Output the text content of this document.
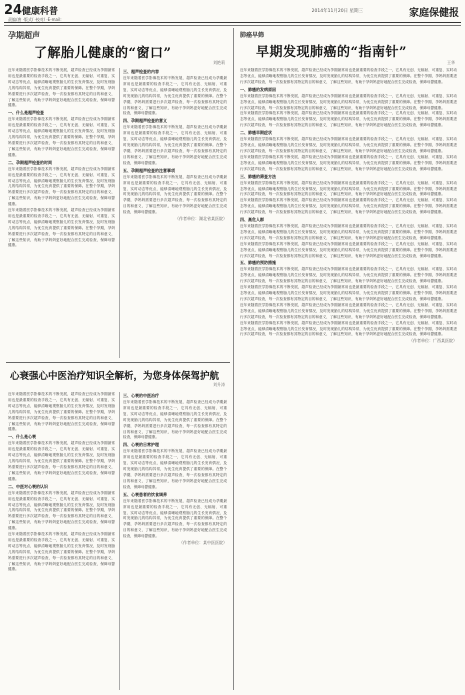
24 健康科普
责编/唐 ·版式/ ·校对/ ·E-mail:
2014年11月20日 星期三	家庭保健报
孕期超声
了解胎儿健康的“窗口”
刘艳莉
近年来随着医学影像技术的不断发展，超声检查已经成为孕期最常用也是最重要的检查手段之一，它具有无创、无辐射、可重复、实时动态等优点，能够清晰地观察胎儿的生长发育情况，及时发现胎儿的结构异常，为优生优育提供了重要的保障。在整个孕期，孕妈妈需要进行多次超声检查，每一次检查都有其特定的目的和意义，了解这些知识，有助于孕妈妈更好地配合医生完成检查，保障母婴健康。
一、什么是超声检查
近年来随着医学影像技术的不断发展，超声检查已经成为孕期最常用也是最重要的检查手段之一，它具有无创、无辐射、可重复、实时动态等优点，能够清晰地观察胎儿的生长发育情况，及时发现胎儿的结构异常，为优生优育提供了重要的保障。在整个孕期，孕妈妈需要进行多次超声检查，每一次检查都有其特定的目的和意义，了解这些知识，有助于孕妈妈更好地配合医生完成检查，保障母婴健康。
二、孕期超声检查的时间
近年来随着医学影像技术的不断发展，超声检查已经成为孕期最常用也是最重要的检查手段之一，它具有无创、无辐射、可重复、实时动态等优点，能够清晰地观察胎儿的生长发育情况，及时发现胎儿的结构异常，为优生优育提供了重要的保障。在整个孕期，孕妈妈需要进行多次超声检查，每一次检查都有其特定的目的和意义，了解这些知识，有助于孕妈妈更好地配合医生完成检查，保障母婴健康。
近年来随着医学影像技术的不断发展，超声检查已经成为孕期最常用也是最重要的检查手段之一，它具有无创、无辐射、可重复、实时动态等优点，能够清晰地观察胎儿的生长发育情况，及时发现胎儿的结构异常，为优生优育提供了重要的保障。在整个孕期，孕妈妈需要进行多次超声检查，每一次检查都有其特定的目的和意义，了解这些知识，有助于孕妈妈更好地配合医生完成检查，保障母婴健康。
三、超声检查的内容
近年来随着医学影像技术的不断发展，超声检查已经成为孕期最常用也是最重要的检查手段之一，它具有无创、无辐射、可重复、实时动态等优点，能够清晰地观察胎儿的生长发育情况，及时发现胎儿的结构异常，为优生优育提供了重要的保障。在整个孕期，孕妈妈需要进行多次超声检查，每一次检查都有其特定的目的和意义，了解这些知识，有助于孕妈妈更好地配合医生完成检查，保障母婴健康。
四、孕期超声检查的意义
近年来随着医学影像技术的不断发展，超声检查已经成为孕期最常用也是最重要的检查手段之一，它具有无创、无辐射、可重复、实时动态等优点，能够清晰地观察胎儿的生长发育情况，及时发现胎儿的结构异常，为优生优育提供了重要的保障。在整个孕期，孕妈妈需要进行多次超声检查，每一次检查都有其特定的目的和意义，了解这些知识，有助于孕妈妈更好地配合医生完成检查，保障母婴健康。
五、孕期超声检查的注意事项
近年来随着医学影像技术的不断发展，超声检查已经成为孕期最常用也是最重要的检查手段之一，它具有无创、无辐射、可重复、实时动态等优点，能够清晰地观察胎儿的生长发育情况，及时发现胎儿的结构异常，为优生优育提供了重要的保障。在整个孕期，孕妈妈需要进行多次超声检查，每一次检查都有其特定的目的和意义，了解这些知识，有助于孕妈妈更好地配合医生完成检查，保障母婴健康。
（作者单位：湖北省某医院）
心衰强心中医治疗知识全解析，为您身体保驾护航
刘升涛
近年来随着医学影像技术的不断发展，超声检查已经成为孕期最常用也是最重要的检查手段之一，它具有无创、无辐射、可重复、实时动态等优点，能够清晰地观察胎儿的生长发育情况，及时发现胎儿的结构异常，为优生优育提供了重要的保障。在整个孕期，孕妈妈需要进行多次超声检查，每一次检查都有其特定的目的和意义，了解这些知识，有助于孕妈妈更好地配合医生完成检查，保障母婴健康。
一、什么是心衰
近年来随着医学影像技术的不断发展，超声检查已经成为孕期最常用也是最重要的检查手段之一，它具有无创、无辐射、可重复、实时动态等优点，能够清晰地观察胎儿的生长发育情况，及时发现胎儿的结构异常，为优生优育提供了重要的保障。在整个孕期，孕妈妈需要进行多次超声检查，每一次检查都有其特定的目的和意义，了解这些知识，有助于孕妈妈更好地配合医生完成检查，保障母婴健康。
二、中医对心衰的认识
近年来随着医学影像技术的不断发展，超声检查已经成为孕期最常用也是最重要的检查手段之一，它具有无创、无辐射、可重复、实时动态等优点，能够清晰地观察胎儿的生长发育情况，及时发现胎儿的结构异常，为优生优育提供了重要的保障。在整个孕期，孕妈妈需要进行多次超声检查，每一次检查都有其特定的目的和意义，了解这些知识，有助于孕妈妈更好地配合医生完成检查，保障母婴健康。
近年来随着医学影像技术的不断发展，超声检查已经成为孕期最常用也是最重要的检查手段之一，它具有无创、无辐射、可重复、实时动态等优点，能够清晰地观察胎儿的生长发育情况，及时发现胎儿的结构异常，为优生优育提供了重要的保障。在整个孕期，孕妈妈需要进行多次超声检查，每一次检查都有其特定的目的和意义，了解这些知识，有助于孕妈妈更好地配合医生完成检查，保障母婴健康。
三、心衰的中医治疗
近年来随着医学影像技术的不断发展，超声检查已经成为孕期最常用也是最重要的检查手段之一，它具有无创、无辐射、可重复、实时动态等优点，能够清晰地观察胎儿的生长发育情况，及时发现胎儿的结构异常，为优生优育提供了重要的保障。在整个孕期，孕妈妈需要进行多次超声检查，每一次检查都有其特定的目的和意义，了解这些知识，有助于孕妈妈更好地配合医生完成检查，保障母婴健康。
四、心衰的日常护理
近年来随着医学影像技术的不断发展，超声检查已经成为孕期最常用也是最重要的检查手段之一，它具有无创、无辐射、可重复、实时动态等优点，能够清晰地观察胎儿的生长发育情况，及时发现胎儿的结构异常，为优生优育提供了重要的保障。在整个孕期，孕妈妈需要进行多次超声检查，每一次检查都有其特定的目的和意义，了解这些知识，有助于孕妈妈更好地配合医生完成检查，保障母婴健康。
五、心衰患者的饮食调养
近年来随着医学影像技术的不断发展，超声检查已经成为孕期最常用也是最重要的检查手段之一，它具有无创、无辐射、可重复、实时动态等优点，能够清晰地观察胎儿的生长发育情况，及时发现胎儿的结构异常，为优生优育提供了重要的保障。在整个孕期，孕妈妈需要进行多次超声检查，每一次检查都有其特定的目的和意义，了解这些知识，有助于孕妈妈更好地配合医生完成检查，保障母婴健康。
（作者单位：某中医医院）
肺癌早筛
早期发现肺癌的“指南针”
王华
近年来随着医学影像技术的不断发展，超声检查已经成为孕期最常用也是最重要的检查手段之一，它具有无创、无辐射、可重复、实时动态等优点，能够清晰地观察胎儿的生长发育情况，及时发现胎儿的结构异常，为优生优育提供了重要的保障。在整个孕期，孕妈妈需要进行多次超声检查，每一次检查都有其特定的目的和意义，了解这些知识，有助于孕妈妈更好地配合医生完成检查，保障母婴健康。
一、肺癌的发病原因
近年来随着医学影像技术的不断发展，超声检查已经成为孕期最常用也是最重要的检查手段之一，它具有无创、无辐射、可重复、实时动态等优点，能够清晰地观察胎儿的生长发育情况，及时发现胎儿的结构异常，为优生优育提供了重要的保障。在整个孕期，孕妈妈需要进行多次超声检查，每一次检查都有其特定的目的和意义，了解这些知识，有助于孕妈妈更好地配合医生完成检查，保障母婴健康。
近年来随着医学影像技术的不断发展，超声检查已经成为孕期最常用也是最重要的检查手段之一，它具有无创、无辐射、可重复、实时动态等优点，能够清晰地观察胎儿的生长发育情况，及时发现胎儿的结构异常，为优生优育提供了重要的保障。在整个孕期，孕妈妈需要进行多次超声检查，每一次检查都有其特定的目的和意义，了解这些知识，有助于孕妈妈更好地配合医生完成检查，保障母婴健康。
二、肺癌早期症状
近年来随着医学影像技术的不断发展，超声检查已经成为孕期最常用也是最重要的检查手段之一，它具有无创、无辐射、可重复、实时动态等优点，能够清晰地观察胎儿的生长发育情况，及时发现胎儿的结构异常，为优生优育提供了重要的保障。在整个孕期，孕妈妈需要进行多次超声检查，每一次检查都有其特定的目的和意义，了解这些知识，有助于孕妈妈更好地配合医生完成检查，保障母婴健康。
近年来随着医学影像技术的不断发展，超声检查已经成为孕期最常用也是最重要的检查手段之一，它具有无创、无辐射、可重复、实时动态等优点，能够清晰地观察胎儿的生长发育情况，及时发现胎儿的结构异常，为优生优育提供了重要的保障。在整个孕期，孕妈妈需要进行多次超声检查，每一次检查都有其特定的目的和意义，了解这些知识，有助于孕妈妈更好地配合医生完成检查，保障母婴健康。
三、肺癌的筛查方法
近年来随着医学影像技术的不断发展，超声检查已经成为孕期最常用也是最重要的检查手段之一，它具有无创、无辐射、可重复、实时动态等优点，能够清晰地观察胎儿的生长发育情况，及时发现胎儿的结构异常，为优生优育提供了重要的保障。在整个孕期，孕妈妈需要进行多次超声检查，每一次检查都有其特定的目的和意义，了解这些知识，有助于孕妈妈更好地配合医生完成检查，保障母婴健康。
近年来随着医学影像技术的不断发展，超声检查已经成为孕期最常用也是最重要的检查手段之一，它具有无创、无辐射、可重复、实时动态等优点，能够清晰地观察胎儿的生长发育情况，及时发现胎儿的结构异常，为优生优育提供了重要的保障。在整个孕期，孕妈妈需要进行多次超声检查，每一次检查都有其特定的目的和意义，了解这些知识，有助于孕妈妈更好地配合医生完成检查，保障母婴健康。
四、高危人群
近年来随着医学影像技术的不断发展，超声检查已经成为孕期最常用也是最重要的检查手段之一，它具有无创、无辐射、可重复、实时动态等优点，能够清晰地观察胎儿的生长发育情况，及时发现胎儿的结构异常，为优生优育提供了重要的保障。在整个孕期，孕妈妈需要进行多次超声检查，每一次检查都有其特定的目的和意义，了解这些知识，有助于孕妈妈更好地配合医生完成检查，保障母婴健康。
近年来随着医学影像技术的不断发展，超声检查已经成为孕期最常用也是最重要的检查手段之一，它具有无创、无辐射、可重复、实时动态等优点，能够清晰地观察胎儿的生长发育情况，及时发现胎儿的结构异常，为优生优育提供了重要的保障。在整个孕期，孕妈妈需要进行多次超声检查，每一次检查都有其特定的目的和意义，了解这些知识，有助于孕妈妈更好地配合医生完成检查，保障母婴健康。
五、肺癌的预防措施
近年来随着医学影像技术的不断发展，超声检查已经成为孕期最常用也是最重要的检查手段之一，它具有无创、无辐射、可重复、实时动态等优点，能够清晰地观察胎儿的生长发育情况，及时发现胎儿的结构异常，为优生优育提供了重要的保障。在整个孕期，孕妈妈需要进行多次超声检查，每一次检查都有其特定的目的和意义，了解这些知识，有助于孕妈妈更好地配合医生完成检查，保障母婴健康。
近年来随着医学影像技术的不断发展，超声检查已经成为孕期最常用也是最重要的检查手段之一，它具有无创、无辐射、可重复、实时动态等优点，能够清晰地观察胎儿的生长发育情况，及时发现胎儿的结构异常，为优生优育提供了重要的保障。在整个孕期，孕妈妈需要进行多次超声检查，每一次检查都有其特定的目的和意义，了解这些知识，有助于孕妈妈更好地配合医生完成检查，保障母婴健康。
近年来随着医学影像技术的不断发展，超声检查已经成为孕期最常用也是最重要的检查手段之一，它具有无创、无辐射、可重复、实时动态等优点，能够清晰地观察胎儿的生长发育情况，及时发现胎儿的结构异常，为优生优育提供了重要的保障。在整个孕期，孕妈妈需要进行多次超声检查，每一次检查都有其特定的目的和意义，了解这些知识，有助于孕妈妈更好地配合医生完成检查，保障母婴健康。
近年来随着医学影像技术的不断发展，超声检查已经成为孕期最常用也是最重要的检查手段之一，它具有无创、无辐射、可重复、实时动态等优点，能够清晰地观察胎儿的生长发育情况，及时发现胎儿的结构异常，为优生优育提供了重要的保障。在整个孕期，孕妈妈需要进行多次超声检查，每一次检查都有其特定的目的和意义，了解这些知识，有助于孕妈妈更好地配合医生完成检查，保障母婴健康。
（作者单位：广西某医院）
